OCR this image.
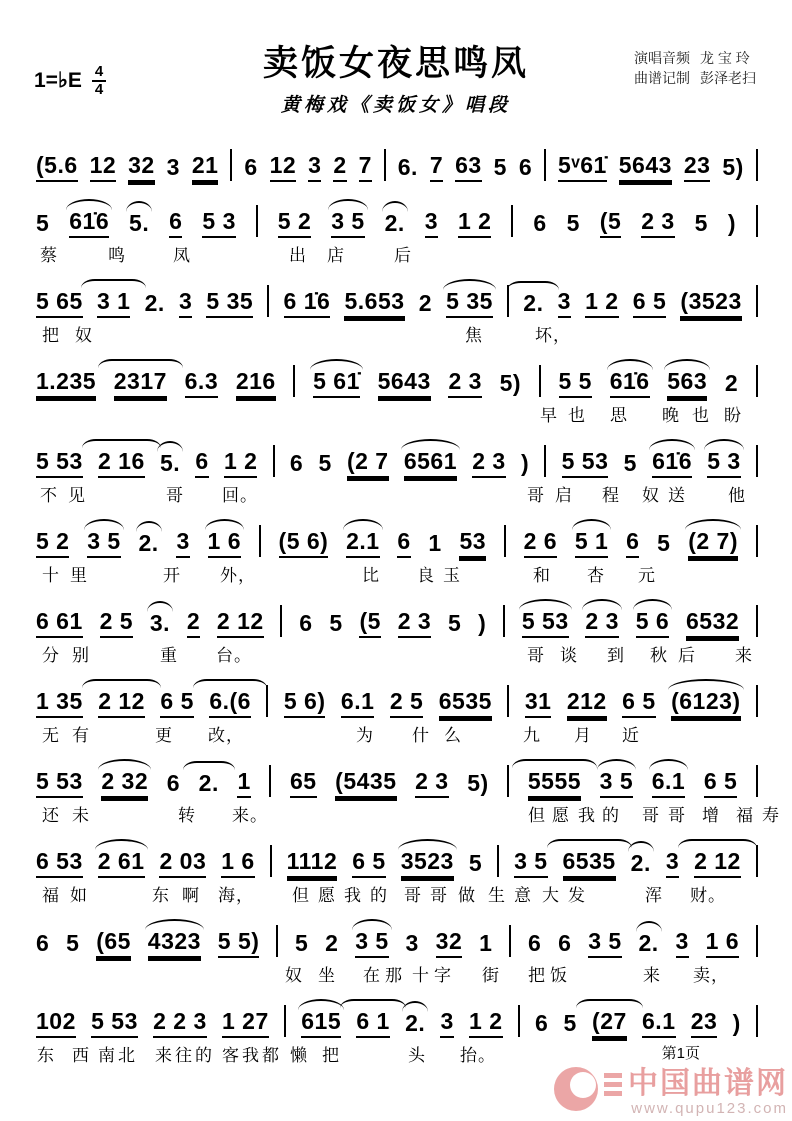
1=♭E $\frac{4}{4}$	卖饭女夜思鸣凤
黄梅戏《卖饭女》唱段
演唱音频 龙 宝 玲
曲谱记制 彭泽老扫
(5.6 12 32 3 21 6 12 3 2 7 6. 7 63 5 6 5ᵛ61̇ 5643 23 5)
5 61̇6 5. 6 5 3 5 2 3 5 2. 3 1 2 6 5 (5 2 3 5 )
蔡	鸣	凤	出 店	后
5 65 3 1 2. 3 5 35 6 1̇6 5.653 2 5 35 2. 3 1 2 6 5 (3523
把 奴	焦	坏，
1.235 2317 6.3 216 5 61̇ 5643 2 3 5) 5 5 61̇6 563 2
早 也 思 晚 也 盼
5 53 2 16 5. 6 1 2 6 5 (2 7 6561 2 3 ) 5 53 5 61̇6 5 3
不 见	哥 回。	哥 启 程 奴 送 他
5 2 3 5 2. 3 1 6 (5 6) 2.1 6 1 53 2 6 5 1 6 5 (2 7)
十 里	开 外，	比 良 玉	和 杏 元
6 61 2 5 3. 2 2 12 6 5 (5 2 3 5 ) 5 53 2 3 5 6 6532
分 别	重 台。	哥 谈 到 秋 后 来
1 35 2 12 6 5 6.(6 5 6) 6.1 2 5 6535 31 212 6 5 (6123)
无 有	更 改，	为 什 么	九 月 近
5 53 2 32 6 2. 1 65 (5435 2 3 5) 5555 3 5 6.1 6 5
还 未	转 来。	但 愿 我 的 哥 哥 增 福 寿
6 53 2 61 2 03 1 6 1112 6 5 3523 5 3 5 6535 2. 3 2 12
福 如	东 啊 海， 但 愿 我 的 哥 哥 做 生 意 大 发	浑 财。
6 5 (65 4323 5 5) 5 2 3 5 3 32 1 6 6 3 5 2. 3 1 6
奴 坐 在 那 十 字 街 把 饭	来 卖，
102 5 53 2 2 3 1 27 615 6 1 2. 3 1 2 6 5 (27 6.1 23 )
东 西 南 北 来 往 的 客 我 都 懒 把	头 抬。	第1页
中国曲谱网
www.qupu123.com
